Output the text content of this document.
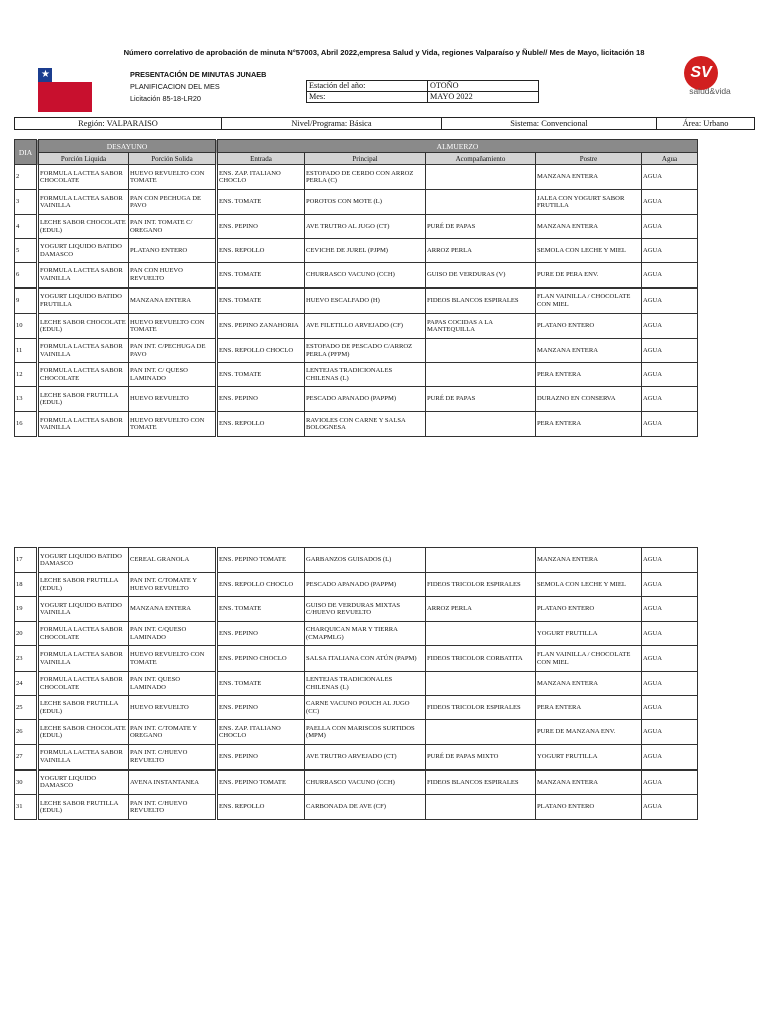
Número correlativo de aprobación de minuta N°57003, Abril 2022,empresa Salud y Vida, regiones Valparaíso y Ñuble// Mes de Mayo, licitación 18
★	PRESENTACIÓN DE MINUTAS JUNAEB
PLANIFICACION DEL MES
Licitación 85-18-LR20
Estación del año:	OTOÑO
Mes:	MAYO 2022
SV
salud&vida
Región: VALPARAISO	Nivel/Programa: Básica	Sistema: Convencional	Área: Urbano
DIA	DESAYUNO		ALMUERZO				
	Porción Liquida	Porción Solida	Entrada	Principal	Acompañamiento	Postre	Agua
2	FORMULA LACTEA SABOR CHOCOLATE	HUEVO REVUELTO CON TOMATE	ENS. ZAP. ITALIANO CHOCLO	ESTOFADO DE CERDO CON ARROZ PERLA (C)		MANZANA ENTERA	AGUA
3	FORMULA LACTEA SABOR VAINILLA	PAN CON PECHUGA DE PAVO	ENS. TOMATE	POROTOS CON MOTE (L)		JALEA CON YOGURT SABOR FRUTILLA	AGUA
4	LECHE SABOR CHOCOLATE (EDUL)	PAN INT. TOMATE C/ OREGANO	ENS. PEPINO	AVE TRUTRO AL JUGO (CT)	PURÉ DE PAPAS	MANZANA ENTERA	AGUA
5	YOGURT LIQUIDO BATIDO DAMASCO	PLATANO ENTERO	ENS. REPOLLO	CEVICHE DE JUREL (PJPM)	ARROZ PERLA	SEMOLA CON LECHE Y MIEL	AGUA
6	FORMULA LACTEA SABOR VAINILLA	PAN CON HUEVO REVUELTO	ENS. TOMATE	CHURRASCO VACUNO (CCH)	GUISO DE VERDURAS (V)	PURE DE PERA ENV.	AGUA
9	YOGURT LIQUIDO BATIDO FRUTILLA	MANZANA ENTERA	ENS. TOMATE	HUEVO ESCALFADO (H)	FIDEOS BLANCOS ESPIRALES	FLAN VAINILLA / CHOCOLATE CON MIEL	AGUA
10	LECHE SABOR CHOCOLATE (EDUL)	HUEVO REVUELTO CON TOMATE	ENS. PEPINO ZANAHORIA	AVE FILETILLO ARVEJADO (CF)	PAPAS COCIDAS A LA MANTEQUILLA	PLATANO ENTERO	AGUA
11	FORMULA LACTEA SABOR VAINILLA	PAN INT. C/PECHUGA DE PAVO	ENS. REPOLLO CHOCLO	ESTOFADO DE PESCADO C/ARROZ PERLA (PFPM)		MANZANA ENTERA	AGUA
12	FORMULA LACTEA SABOR CHOCOLATE	PAN INT. C/ QUESO LAMINADO	ENS. TOMATE	LENTEJAS TRADICIONALES CHILENAS (L)		PERA ENTERA	AGUA
13	LECHE SABOR FRUTILLA (EDUL)	HUEVO REVUELTO	ENS. PEPINO	PESCADO APANADO (PAPPM)	PURÉ DE PAPAS	DURAZNO EN CONSERVA	AGUA
16	FORMULA LACTEA SABOR VAINILLA	HUEVO REVUELTO CON TOMATE	ENS. REPOLLO	RAVIOLES CON CARNE Y SALSA BOLOGNESA		PERA ENTERA	AGUA
17	YOGURT LIQUIDO BATIDO DAMASCO	CEREAL GRANOLA	ENS. PEPINO TOMATE	GARBANZOS GUISADOS (L)		MANZANA ENTERA	AGUA
18	LECHE SABOR FRUTILLA (EDUL)	PAN INT. C/TOMATE Y HUEVO REVUELTO	ENS. REPOLLO CHOCLO	PESCADO APANADO (PAPPM)	FIDEOS TRICOLOR ESPIRALES	SEMOLA CON LECHE Y MIEL	AGUA
19	YOGURT LIQUIDO BATIDO VAINILLA	MANZANA ENTERA	ENS. TOMATE	GUISO DE VERDURAS MIXTAS C/HUEVO REVUELTO	ARROZ PERLA	PLATANO ENTERO	AGUA
20	FORMULA LACTEA SABOR CHOCOLATE	PAN INT. C/QUESO LAMINADO	ENS. PEPINO	CHARQUICAN MAR Y TIERRA (CMAPMLG)		YOGURT FRUTILLA	AGUA
23	FORMULA LACTEA SABOR VAINILLA	HUEVO REVUELTO CON TOMATE	ENS. PEPINO CHOCLO	SALSA ITALIANA CON ATÚN (PAPM)	FIDEOS TRICOLOR CORBATITA	FLAN VAINILLA / CHOCOLATE CON MIEL	AGUA
24	FORMULA LACTEA SABOR CHOCOLATE	PAN INT. QUESO LAMINADO	ENS. TOMATE	LENTEJAS TRADICIONALES CHILENAS (L)		MANZANA ENTERA	AGUA
25	LECHE SABOR FRUTILLA (EDUL)	HUEVO REVUELTO	ENS. PEPINO	CARNE VACUNO POUCH AL JUGO (CC)	FIDEOS TRICOLOR ESPIRALES	PERA ENTERA	AGUA
26	LECHE SABOR CHOCOLATE (EDUL)	PAN INT. C/TOMATE Y OREGANO	ENS. ZAP. ITALIANO CHOCLO	PAELLA CON MARISCOS SURTIDOS (MPM)		PURE DE MANZANA ENV.	AGUA
27	FORMULA LACTEA SABOR VAINILLA	PAN INT. C/HUEVO REVUELTO	ENS. PEPINO	AVE TRUTRO ARVEJADO (CT)	PURÉ DE PAPAS MIXTO	YOGURT FRUTILLA	AGUA
30	YOGURT LIQUIDO DAMASCO	AVENA INSTANTANEA	ENS. PEPINO TOMATE	CHURRASCO VACUNO (CCH)	FIDEOS BLANCOS ESPIRALES	MANZANA ENTERA	AGUA
31	LECHE SABOR FRUTILLA (EDUL)	PAN INT. C/HUEVO REVUELTO	ENS. REPOLLO	CARBONADA DE AVE (CF)		PLATANO ENTERO	AGUA
